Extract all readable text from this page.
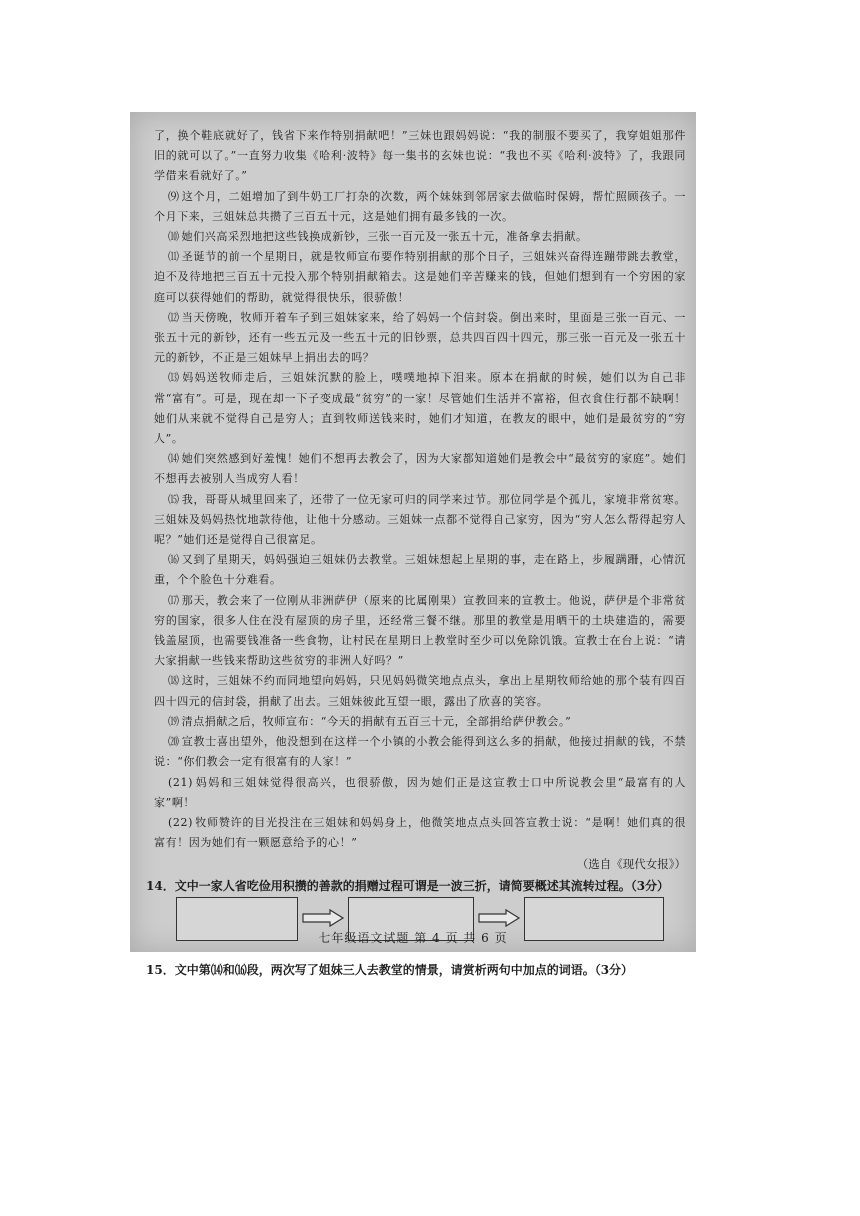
了，换个鞋底就好了，钱省下来作特别捐献吧！”三妹也跟妈妈说：“我的制服不要买了，我穿姐姐那件旧的就可以了。”一直努力收集《哈利·波特》每一集书的玄妹也说：“我也不买《哈利·波特》了，我跟同学借来看就好了。”

⑼ 这个月，二姐增加了到牛奶工厂打杂的次数，两个妹妹到邻居家去做临时保姆，帮忙照顾孩子。一个月下来，三姐妹总共攒了三百五十元，这是她们拥有最多钱的一次。

⑽ 她们兴高采烈地把这些钱换成新钞，三张一百元及一张五十元，准备拿去捐献。

⑾ 圣诞节的前一个星期日，就是牧师宣布要作特别捐献的那个日子，三姐妹兴奋得连蹦带跳去教堂，迫不及待地把三百五十元投入那个特别捐献箱去。这是她们辛苦赚来的钱，但她们想到有一个穷困的家庭可以获得她们的帮助，就觉得很快乐，很骄傲！

⑿ 当天傍晚，牧师开着车子到三姐妹家来，给了妈妈一个信封袋。倒出来时，里面是三张一百元、一张五十元的新钞，还有一些五元及一些五十元的旧钞票，总共四百四十四元，那三张一百元及一张五十元的新钞，不正是三姐妹早上捐出去的吗？

⒀ 妈妈送牧师走后，三姐妹沉默的脸上，噗噗地掉下泪来。原本在捐献的时候，她们以为自己非常“富有”。可是，现在却一下子变成最“贫穷”的一家！尽管她们生活并不富裕，但衣食住行都不缺啊！她们从来就不觉得自己是穷人；直到牧师送钱来时，她们才知道，在教友的眼中，她们是最贫穷的“穷人”。

⒁ 她们突然感到好羞愧！她们不想再去教会了，因为大家都知道她们是教会中“最贫穷的家庭”。她们不想再去被别人当成穷人看！

⒂ 我，哥哥从城里回来了，还带了一位无家可归的同学来过节。那位同学是个孤儿，家境非常贫寒。三姐妹及妈妈热忱地款待他，让他十分感动。三姐妹一点都不觉得自己家穷，因为“穷人怎么帮得起穷人呢？”她们还是觉得自己很富足。

⒃ 又到了星期天，妈妈强迫三姐妹仍去教堂。三姐妹想起上星期的事，走在路上，步履蹒跚，心情沉重，个个脸色十分难看。

⒄ 那天，教会来了一位刚从非洲萨伊（原来的比属刚果）宣教回来的宣教士。他说，萨伊是个非常贫穷的国家，很多人住在没有屋顶的房子里，还经常三餐不继。那里的教堂是用晒干的土块建造的，需要钱盖屋顶，也需要钱准备一些食物，让村民在星期日上教堂时至少可以免除饥饿。宣教士在台上说：“请大家捐献一些钱来帮助这些贫穷的非洲人好吗？”

⒅ 这时，三姐妹不约而同地望向妈妈，只见妈妈微笑地点点头，拿出上星期牧师给她的那个装有四百四十四元的信封袋，捐献了出去。三姐妹彼此互望一眼，露出了欣喜的笑容。

⒆ 清点捐献之后，牧师宣布：“今天的捐献有五百三十元，全部捐给萨伊教会。”

⒇ 宣教士喜出望外，他没想到在这样一个小镇的小教会能得到这么多的捐献，他接过捐献的钱，不禁说：“你们教会一定有很富有的人家！”

(21) 妈妈和三姐妹觉得很高兴，也很骄傲，因为她们正是这宣教士口中所说教会里“最富有的人家”啊！

(22) 牧师赞许的目光投注在三姐妹和妈妈身上，他微笑地点点头回答宣教士说：“是啊！她们真的很富有！因为她们有一颗愿意给予的心！”

（选自《现代女报》）

14．文中一家人省吃俭用积攒的善款的捐赠过程可谓是一波三折，请简要概述其流转过程。（3分）

15．文中第⒁和⒃段，两次写了姐妹三人去教堂的情景，请赏析两句中加点的词语。（3分）

七年级语文试题 第 4 页 共 6 页
